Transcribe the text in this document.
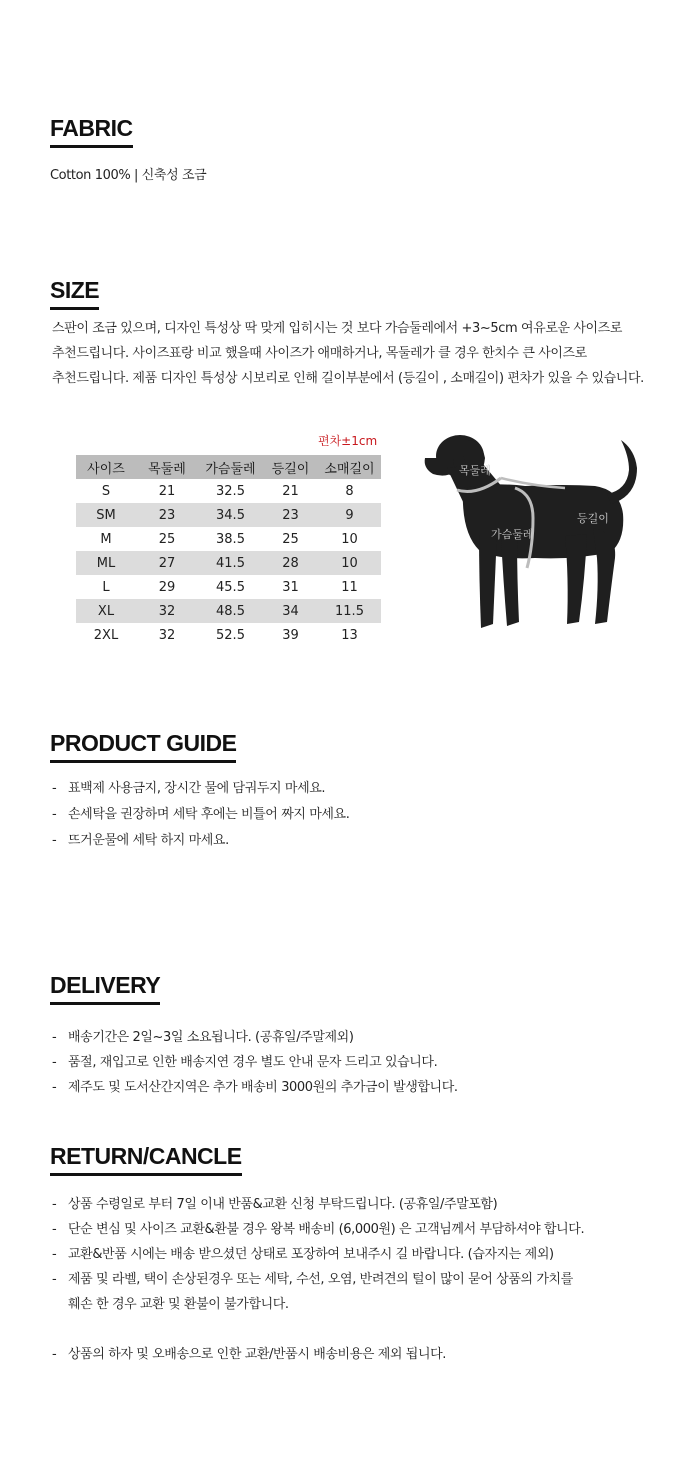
FABRIC
Cotton 100% | 신축성 조금
SIZE
스판이 조금 있으며, 디자인 특성상 딱 맞게 입히시는 것 보다 가슴둘레에서 +3~5cm 여유로운 사이즈로
추천드립니다. 사이즈표랑 비교 했을때 사이즈가 애매하거나, 목둘레가 클 경우 한치수 큰 사이즈로
추천드립니다. 제품 디자인 특성상 시보리로 인해 길이부분에서 (등길이 , 소매길이) 편차가 있을 수 있습니다.
편차±1cm
사이즈	목둘레	가슴둘레	등길이	소매길이
S	21	32.5	21	8
SM	23	34.5	23	9
M	25	38.5	25	10
ML	27	41.5	28	10
L	29	45.5	31	11
XL	32	48.5	34	11.5
2XL	32	52.5	39	13
목둘레
가슴둘레
등길이
PRODUCT GUIDE
- 표백제 사용금지, 장시간 물에 담궈두지 마세요.
- 손세탁을 권장하며 세탁 후에는 비틀어 짜지 마세요.
- 뜨거운물에 세탁 하지 마세요.
DELIVERY
- 배송기간은 2일~3일 소요됩니다. (공휴일/주말제외)
- 품절, 재입고로 인한 배송지연 경우 별도 안내 문자 드리고 있습니다.
- 제주도 및 도서산간지역은 추가 배송비 3000원의 추가금이 발생합니다.
RETURN/CANCLE
- 상품 수령일로 부터 7일 이내 반품&교환 신청 부탁드립니다. (공휴일/주말포함)
- 단순 변심 및 사이즈 교환&환불 경우 왕복 배송비 (6,000원) 은 고객님께서 부담하셔야 합니다.
- 교환&반품 시에는 배송 받으셨던 상태로 포장하여 보내주시 길 바랍니다. (습자지는 제외)
- 제품 및 라벨, 택이 손상된경우 또는 세탁, 수선, 오염, 반려견의 털이 많이 묻어 상품의 가치를
훼손 한 경우 교환 및 환불이 불가합니다.
- 상품의 하자 및 오배송으로 인한 교환/반품시 배송비용은 제외 됩니다.
